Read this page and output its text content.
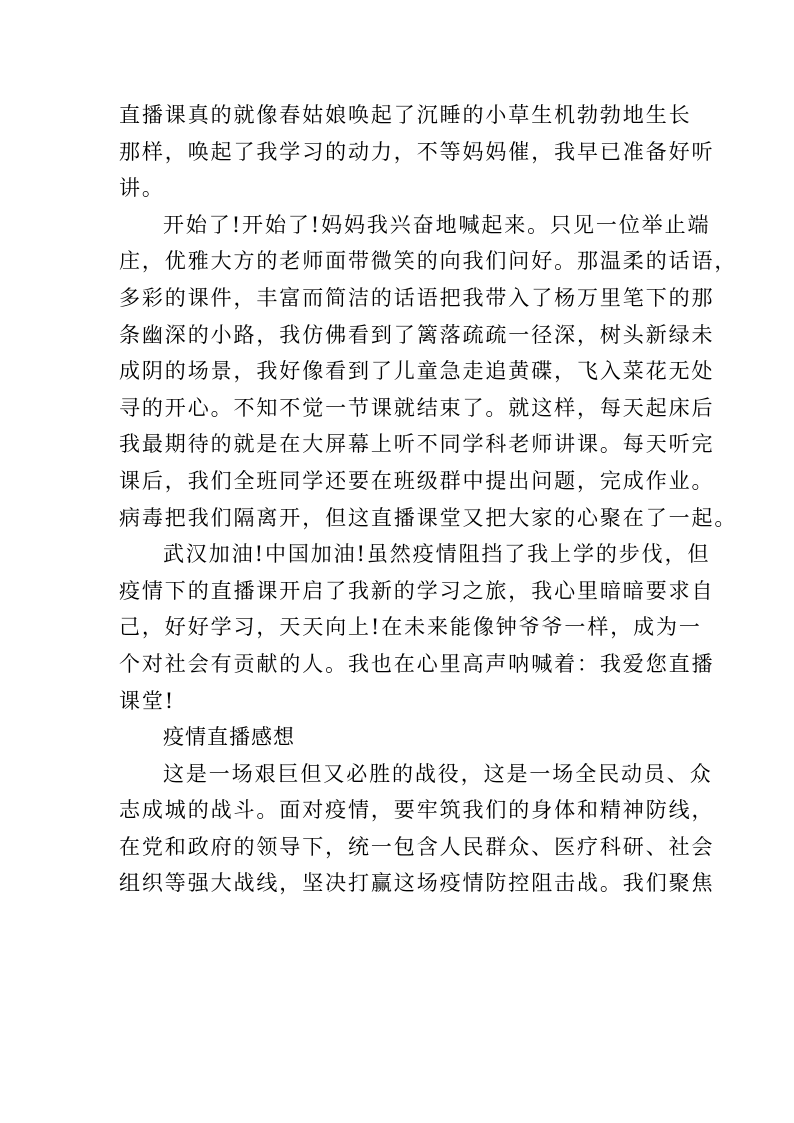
直播课真的就像春姑娘唤起了沉睡的小草生机勃勃地生长
那样，唤起了我学习的动力，不等妈妈催，我早已准备好听
讲。
开始了!开始了!妈妈我兴奋地喊起来。只见一位举止端
庄，优雅大方的老师面带微笑的向我们问好。那温柔的话语，
多彩的课件，丰富而简洁的话语把我带入了杨万里笔下的那
条幽深的小路，我仿佛看到了篱落疏疏一径深，树头新绿未
成阴的场景，我好像看到了儿童急走追黄碟，飞入菜花无处
寻的开心。不知不觉一节课就结束了。就这样，每天起床后
我最期待的就是在大屏幕上听不同学科老师讲课。每天听完
课后，我们全班同学还要在班级群中提出问题，完成作业。
病毒把我们隔离开，但这直播课堂又把大家的心聚在了一起。
武汉加油!中国加油!虽然疫情阻挡了我上学的步伐，但
疫情下的直播课开启了我新的学习之旅，我心里暗暗要求自
己，好好学习，天天向上!在未来能像钟爷爷一样，成为一
个对社会有贡献的人。我也在心里高声呐喊着：我爱您直播
课堂!
疫情直播感想
这是一场艰巨但又必胜的战役，这是一场全民动员、众
志成城的战斗。面对疫情，要牢筑我们的身体和精神防线，
在党和政府的领导下，统一包含人民群众、医疗科研、社会
组织等强大战线，坚决打赢这场疫情防控阻击战。我们聚焦
